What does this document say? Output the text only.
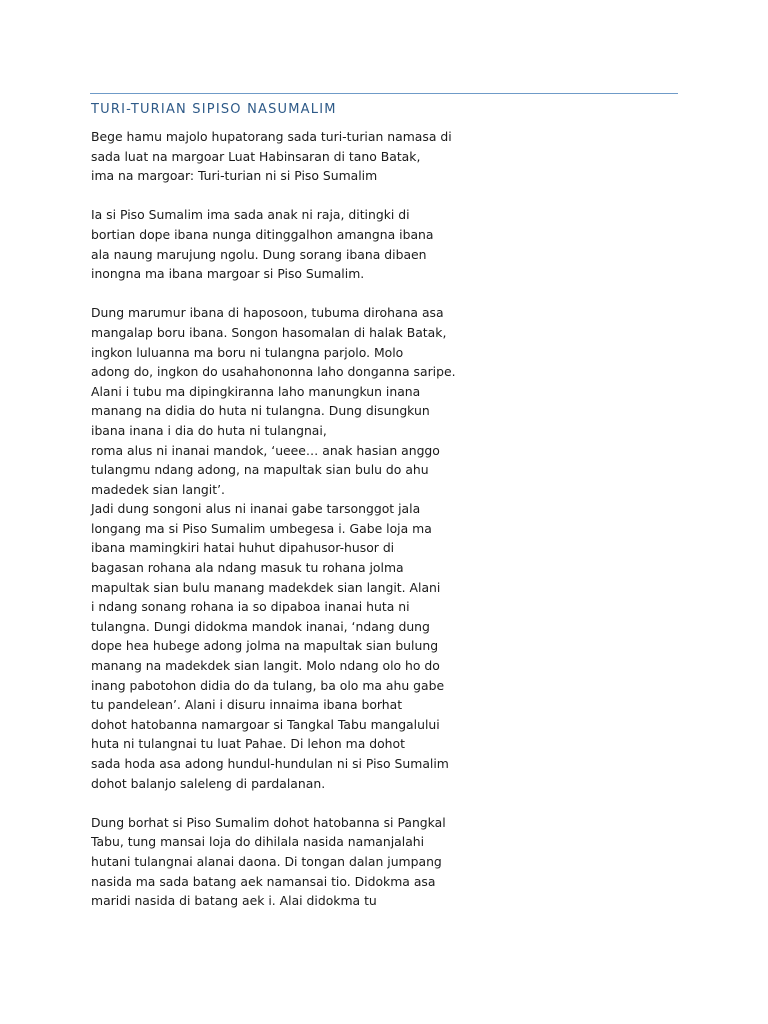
TURI-TURIAN SIPISO NASUMALIM
Bege hamu majolo hupatorang sada turi-turian namasa di
sada luat na margoar Luat Habinsaran di tano Batak,
ima na margoar: Turi-turian ni si Piso Sumalim
Ia si Piso Sumalim ima sada anak ni raja, ditingki di
bortian dope ibana nunga ditinggalhon amangna ibana
ala naung marujung ngolu. Dung sorang ibana dibaen
inongna ma ibana margoar si Piso Sumalim.
Dung marumur ibana di haposoon, tubuma dirohana asa
mangalap boru ibana. Songon hasomalan di halak Batak,
ingkon luluanna ma boru ni tulangna parjolo. Molo
adong do, ingkon do usahahononna laho donganna saripe.
Alani i tubu ma dipingkiranna laho manungkun inana
manang na didia do huta ni tulangna. Dung disungkun
ibana inana i dia do huta ni tulangnai,
roma alus ni inanai mandok, ‘ueee… anak hasian anggo
tulangmu ndang adong, na mapultak sian bulu do ahu
madedek sian langit’.
Jadi dung songoni alus ni inanai gabe tarsonggot jala
longang ma si Piso Sumalim umbegesa i. Gabe loja ma
ibana mamingkiri hatai huhut dipahusor-husor di
bagasan rohana ala ndang masuk tu rohana jolma
mapultak sian bulu manang madekdek sian langit. Alani
i ndang sonang rohana ia so dipaboa inanai huta ni
tulangna. Dungi didokma mandok inanai, ‘ndang dung
dope hea hubege adong jolma na mapultak sian bulung
manang na madekdek sian langit. Molo ndang olo ho do
inang pabotohon didia do da tulang, ba olo ma ahu gabe
tu pandelean’. Alani i disuru innaima ibana borhat
dohot hatobanna namargoar si Tangkal Tabu mangalului
huta ni tulangnai tu luat Pahae. Di lehon ma dohot
sada hoda asa adong hundul-hundulan ni si Piso Sumalim
dohot balanjo saleleng di pardalanan.
Dung borhat si Piso Sumalim dohot hatobanna si Pangkal
Tabu, tung mansai loja do dihilala nasida namanjalahi
hutani tulangnai alanai daona. Di tongan dalan jumpang
nasida ma sada batang aek namansai tio. Didokma asa
maridi nasida di batang aek i. Alai didokma tu
